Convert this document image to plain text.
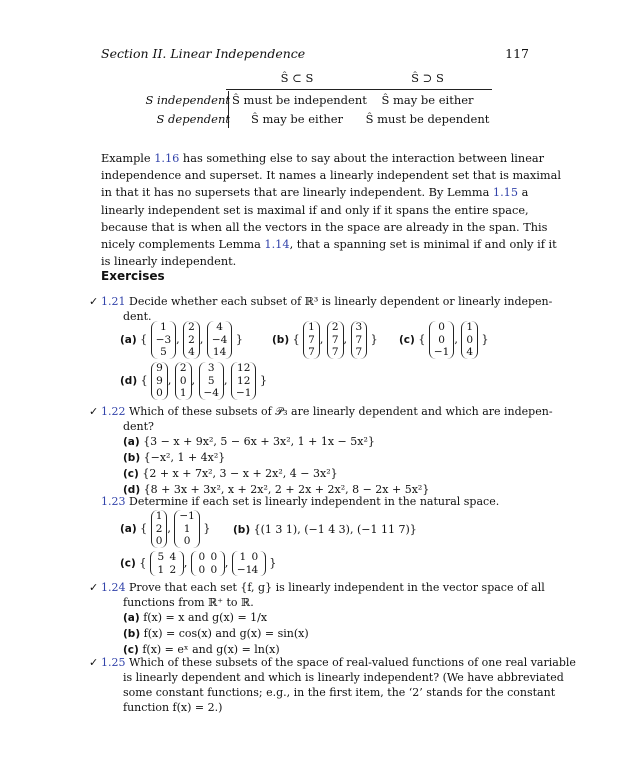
Section II. Linear Independence	117
Ŝ ⊂ S	Ŝ ⊃ S
S independent Ŝ must be independent	Ŝ may be either
S dependent	Ŝ may be either	Ŝ must be dependent
Example 1.16 has something else to say about the interaction between linear
independence and superset. It names a linearly independent set that is maximal
in that it has no supersets that are linearly independent. By Lemma 1.15 a
linearly independent set is maximal if and only if it spans the entire space,
because that is when all the vectors in the space are already in the span. This
nicely complements Lemma 1.14, that a spanning set is minimal if and only if it
is linearly independent.
Exercises
✓ 1.21 Decide whether each subset of ℝ³ is linearly dependent or linearly indepen-
dent.
(a) {
1
−3
5
,
2
2
4
,
4
−4
14
}	(b) {
1
7
7
,
2
7
7
,
3
7
7
} (c) {
0
0
−1
,
1
0
4
}
(d) {
9
9
0
,
2
0
1
,
3
5
−4
,
12
12
−1
}
✓ 1.22 Which of these subsets of 𝒫₃ are linearly dependent and which are indepen-
dent?
(a) {3 − x + 9x², 5 − 6x + 3x², 1 + 1x − 5x²}
(b) {−x², 1 + 4x²}
(c) {2 + x + 7x², 3 − x + 2x², 4 − 3x²}
(d) {8 + 3x + 3x², x + 2x², 2 + 2x + 2x², 8 − 2x + 5x²}
1.23 Determine if each set is linearly independent in the natural space.
(a) {
1
2
0
,
−1
1
0
} (b) {(1 3 1), (−1 4 3), (−1 11 7)}
(c) { 5 4
1 2 , 0 0
0 0 , 1 0
−14 }
✓ 1.24 Prove that each set {f, g} is linearly independent in the vector space of all
functions from ℝ⁺ to ℝ.
(a) f(x) = x and g(x) = 1/x
(b) f(x) = cos(x) and g(x) = sin(x)
(c) f(x) = eˣ and g(x) = ln(x)
✓ 1.25 Which of these subsets of the space of real-valued functions of one real variable
is linearly dependent and which is linearly independent? (We have abbreviated
some constant functions; e.g., in the first item, the ‘2’ stands for the constant
function f(x) = 2.)
